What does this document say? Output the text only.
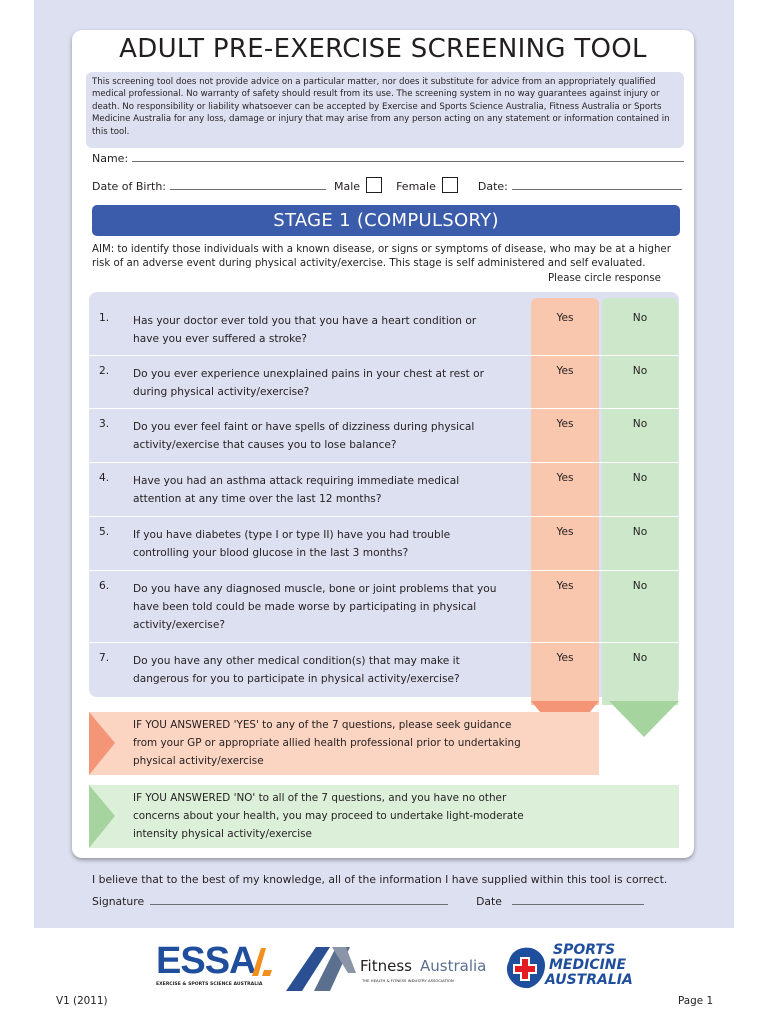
ADULT PRE-EXERCISE SCREENING TOOL
This screening tool does not provide advice on a particular matter, nor does it substitute for advice from an appropriately qualified medical professional. No warranty of safety should result from its use. The screening system in no way guarantees against injury or death. No responsibility or liability whatsoever can be accepted by Exercise and Sports Science Australia, Fitness Australia or Sports Medicine Australia for any loss, damage or injury that may arise from any person acting on any statement or information contained in this tool.
Name:
Date of Birth:	Male	Female	Date:
STAGE 1 (COMPULSORY)
AIM: to identify those individuals with a known disease, or signs or symptoms of disease, who may be at a higher risk of an adverse event during physical activity/exercise. This stage is self administered and self evaluated.
Please circle response
1. Has your doctor ever told you that you have a heart condition or have you ever suffered a stroke?
Yes	No
2. Do you ever experience unexplained pains in your chest at rest or during physical activity/exercise?
Yes	No
3. Do you ever feel faint or have spells of dizziness during physical activity/exercise that causes you to lose balance?
Yes	No
4. Have you had an asthma attack requiring immediate medical attention at any time over the last 12 months?
Yes	No
5. If you have diabetes (type I or type II) have you had trouble controlling your blood glucose in the last 3 months?
Yes	No
6. Do you have any diagnosed muscle, bone or joint problems that you have been told could be made worse by participating in physical activity/exercise?
Yes	No
7. Do you have any other medical condition(s) that may make it dangerous for you to participate in physical activity/exercise?
Yes	No
IF YOU ANSWERED 'YES' to any of the 7 questions, please seek guidance from your GP or appropriate allied health professional prior to undertaking physical activity/exercise
IF YOU ANSWERED 'NO' to all of the 7 questions, and you have no other concerns about your health, you may proceed to undertake light-moderate intensity physical activity/exercise
I believe that to the best of my knowledge, all of the information I have supplied within this tool is correct.
Signature	Date
ESSA
EXERCISE & SPORTS SCIENCE AUSTRALIA
Fitness Australia
THE HEALTH & FITNESS INDUSTRY ASSOCIATION
SPORTS
MEDICINE
AUSTRALIA
V1 (2011)	Page 1
